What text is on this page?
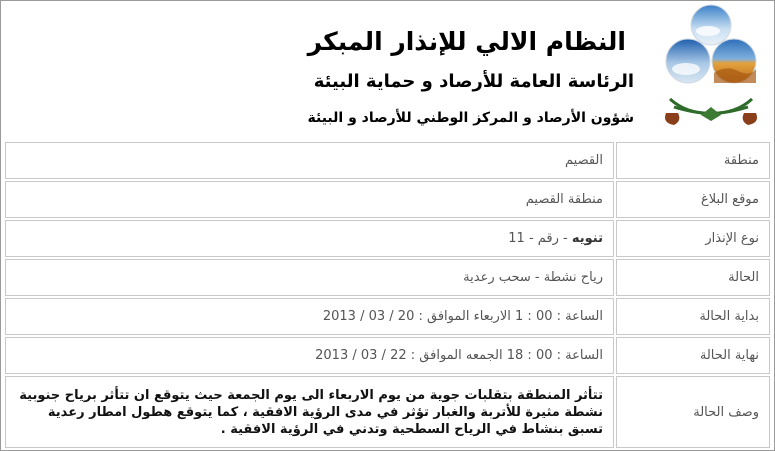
النظام الالي للإنذار المبكر
الرئاسة العامة للأرصاد و حماية البيئة
شؤون الأرصاد و المركز الوطني للأرصاد و البيئة
منطقة	القصيم
موقع البلاغ	منطقة القصيم
نوع الإنذار	تنويه - رقم - 11
الحالة	رياح نشطة - سحب رعدية
بداية الحالة	الساعة : 00 : 1 الاربعاء الموافق : 20 / 03 / 2013
نهاية الحالة	الساعة : 00 : 18 الجمعه الموافق : 22 / 03 / 2013
وصف الحالة	تتأثر المنطقة بتقلبات جوية من يوم الاربعاء الى يوم الجمعة حيث يتوقع ان تتأثر برياح جنوبية نشطة مثيرة للأتربة والغبار تؤثر في مدى الرؤية الافقية ، كما يتوقع هطول امطار رعدية تسبق بنشاط في الرياح السطحية وتدني في الرؤية الافقية .
